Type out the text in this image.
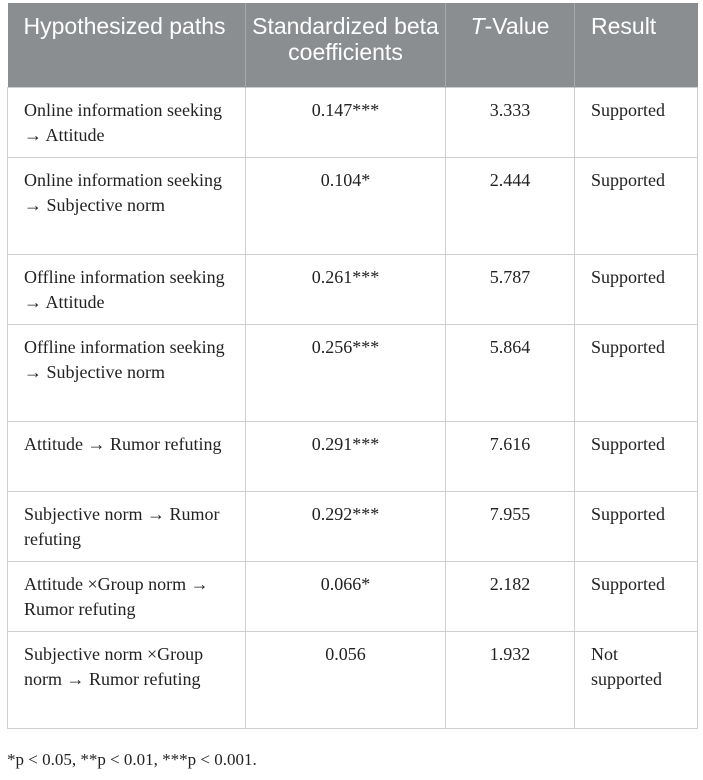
Hypothesized paths	Standardized beta coefficients	T-Value	Result
Online information seeking → Attitude	0.147***	3.333	Supported
Online information seeking → Subjective norm	0.104*	2.444	Supported
Offline information seeking → Attitude	0.261***	5.787	Supported
Offline information seeking → Subjective norm	0.256***	5.864	Supported
Attitude → Rumor refuting	0.291***	7.616	Supported
Subjective norm → Rumor refuting	0.292***	7.955	Supported
Attitude ×Group norm → Rumor refuting	0.066*	2.182	Supported
Subjective norm ×Group norm → Rumor refuting	0.056	1.932	Not supported
*p < 0.05, **p < 0.01, ***p < 0.001.
